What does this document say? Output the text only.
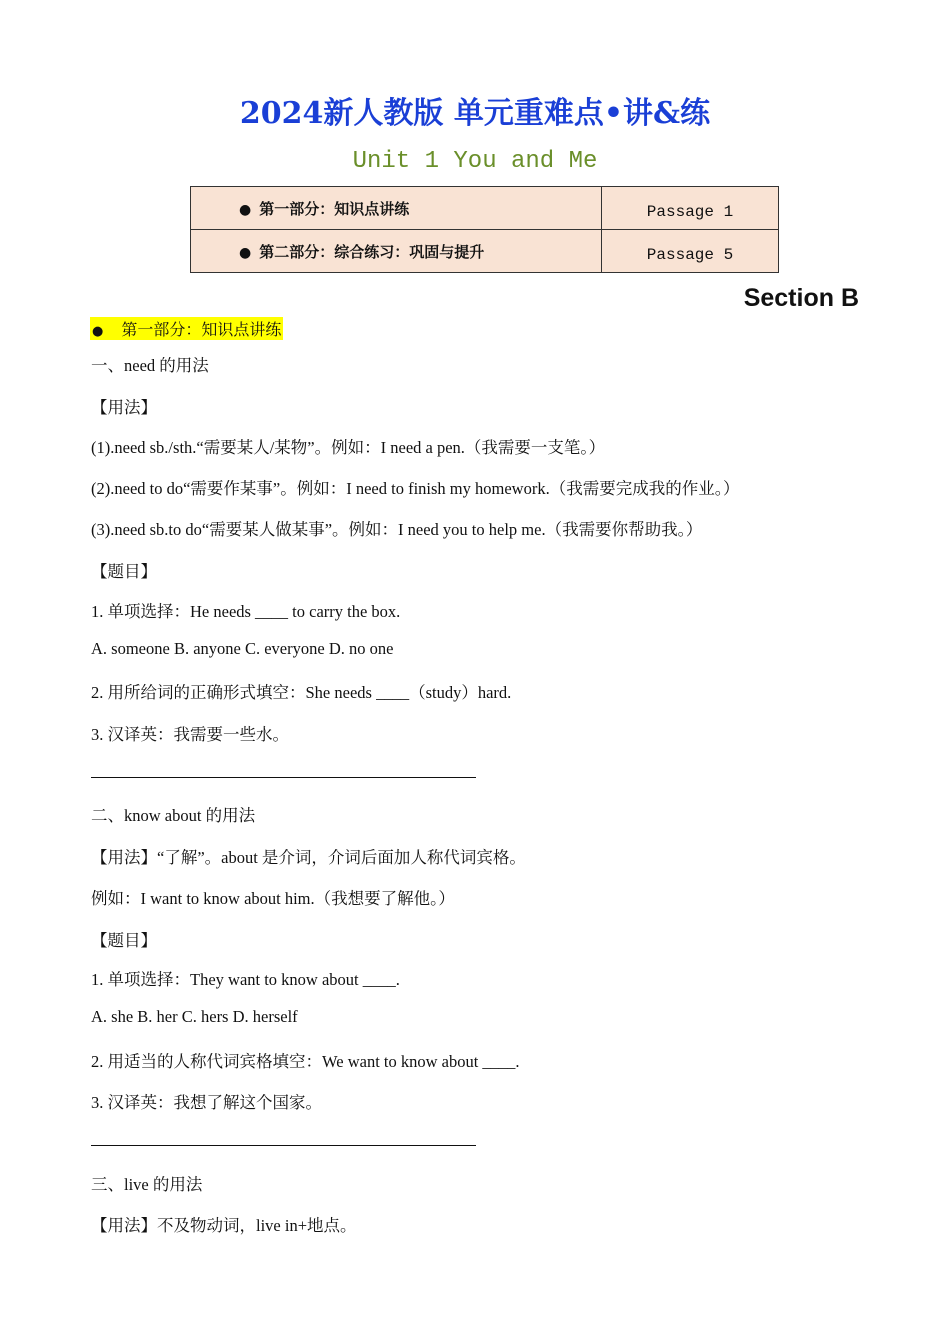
2024新人教版 单元重难点•讲&练
Unit 1 You and Me
● 第一部分：知识点讲练	Passage 1
● 第二部分：综合练习：巩固与提升	Passage 5
Section B
● 第一部分：知识点讲练
一、need 的用法
【用法】
(1).need sb./sth.“需要某人/某物”。例如：I need a pen.（我需要一支笔。）
(2).need to do“需要作某事”。例如：I need to finish my homework.（我需要完成我的作业。）
(3).need sb.to do“需要某人做某事”。例如：I need you to help me.（我需要你帮助我。）
【题目】
1. 单项选择：He needs ____ to carry the box.
A. someone B. anyone C. everyone D. no one
2. 用所给词的正确形式填空：She needs ____（study）hard.
3. 汉译英：我需要一些水。
二、know about 的用法
【用法】“了解”。about 是介词，介词后面加人称代词宾格。
例如：I want to know about him.（我想要了解他。）
【题目】
1. 单项选择：They want to know about ____.
A. she B. her C. hers D. herself
2. 用适当的人称代词宾格填空：We want to know about ____.
3. 汉译英：我想了解这个国家。
三、live 的用法
【用法】不及物动词，live in+地点。
